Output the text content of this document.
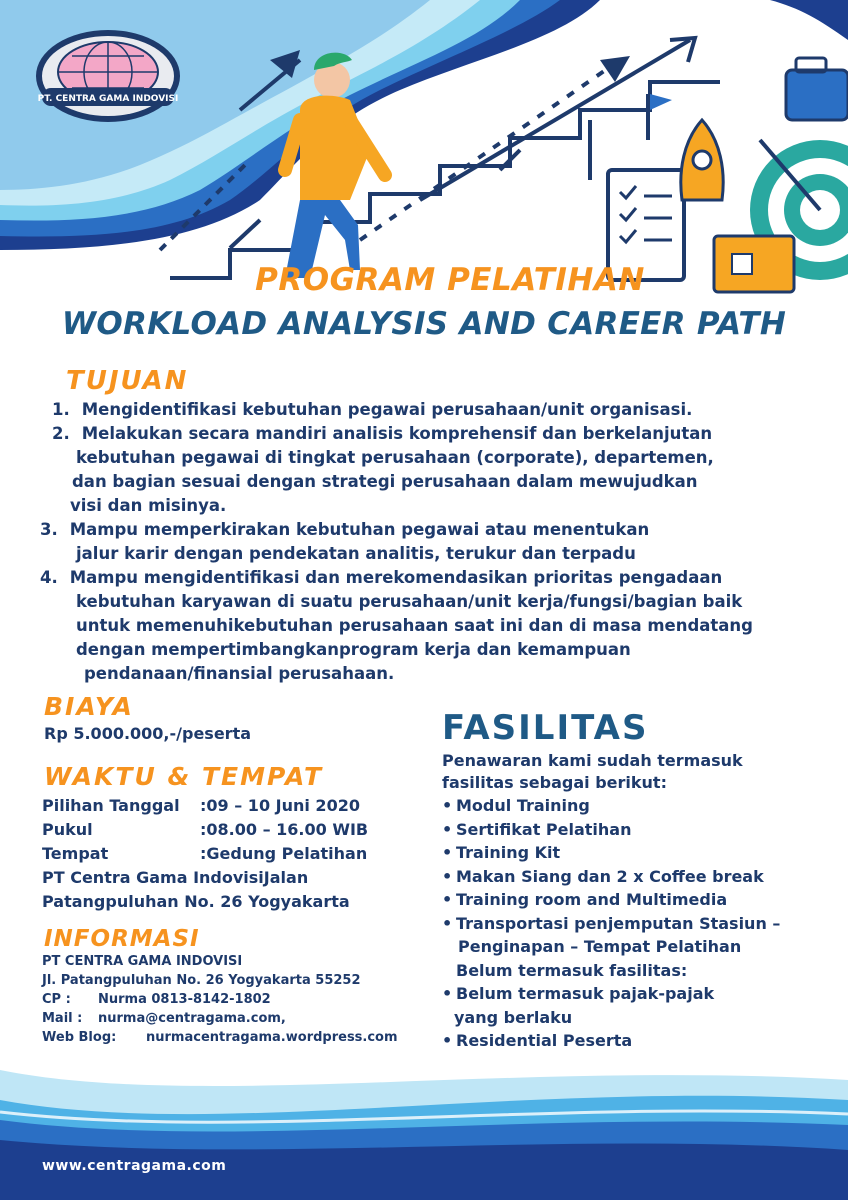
PT. CENTRA GAMA INDOVISI
PROGRAM PELATIHAN
WORKLOAD ANALYSIS AND CAREER PATH
TUJUAN
1. Mengidentifikasi kebutuhan pegawai perusahaan/unit organisasi.
2. Melakukan secara mandiri analisis komprehensif dan berkelanjutan
kebutuhan pegawai di tingkat perusahaan (corporate), departemen,
dan bagian sesuai dengan strategi perusahaan dalam mewujudkan
visi dan misinya.
3. Mampu memperkirakan kebutuhan pegawai atau menentukan
jalur karir dengan pendekatan analitis, terukur dan terpadu
4. Mampu mengidentifikasi dan merekomendasikan prioritas pengadaan
kebutuhan karyawan di suatu perusahaan/unit kerja/fungsi/bagian baik
untuk memenuhikebutuhan perusahaan saat ini dan di masa mendatang
dengan mempertimbangkanprogram kerja dan kemampuan
pendanaan/finansial perusahaan.
BIAYA
Rp 5.000.000,-/peserta
WAKTU & TEMPAT
Pilihan Tanggal	:09 – 10 Juni 2020
Pukul	:08.00 – 16.00 WIB
Tempat	:Gedung Pelatihan
PT Centra Gama IndovisiJalan
Patangpuluhan No. 26 Yogyakarta
INFORMASI
PT CENTRA GAMA INDOVISI
Jl. Patangpuluhan No. 26 Yogyakarta 55252
CP :	Nurma 0813-8142-1802
Mail :	nurma@centragama.com,
Web Blog:	nurmacentragama.wordpress.com
FASILITAS
Penawaran kami sudah termasuk
fasilitas sebagai berikut:
• Modul Training
• Sertifikat Pelatihan
• Training Kit
• Makan Siang dan 2 x Coffee break
• Training room and Multimedia
• Transportasi penjemputan Stasiun –
Penginapan – Tempat Pelatihan
Belum termasuk fasilitas:
• Belum termasuk pajak-pajak
yang berlaku
• Residential Peserta
www.centragama.com
